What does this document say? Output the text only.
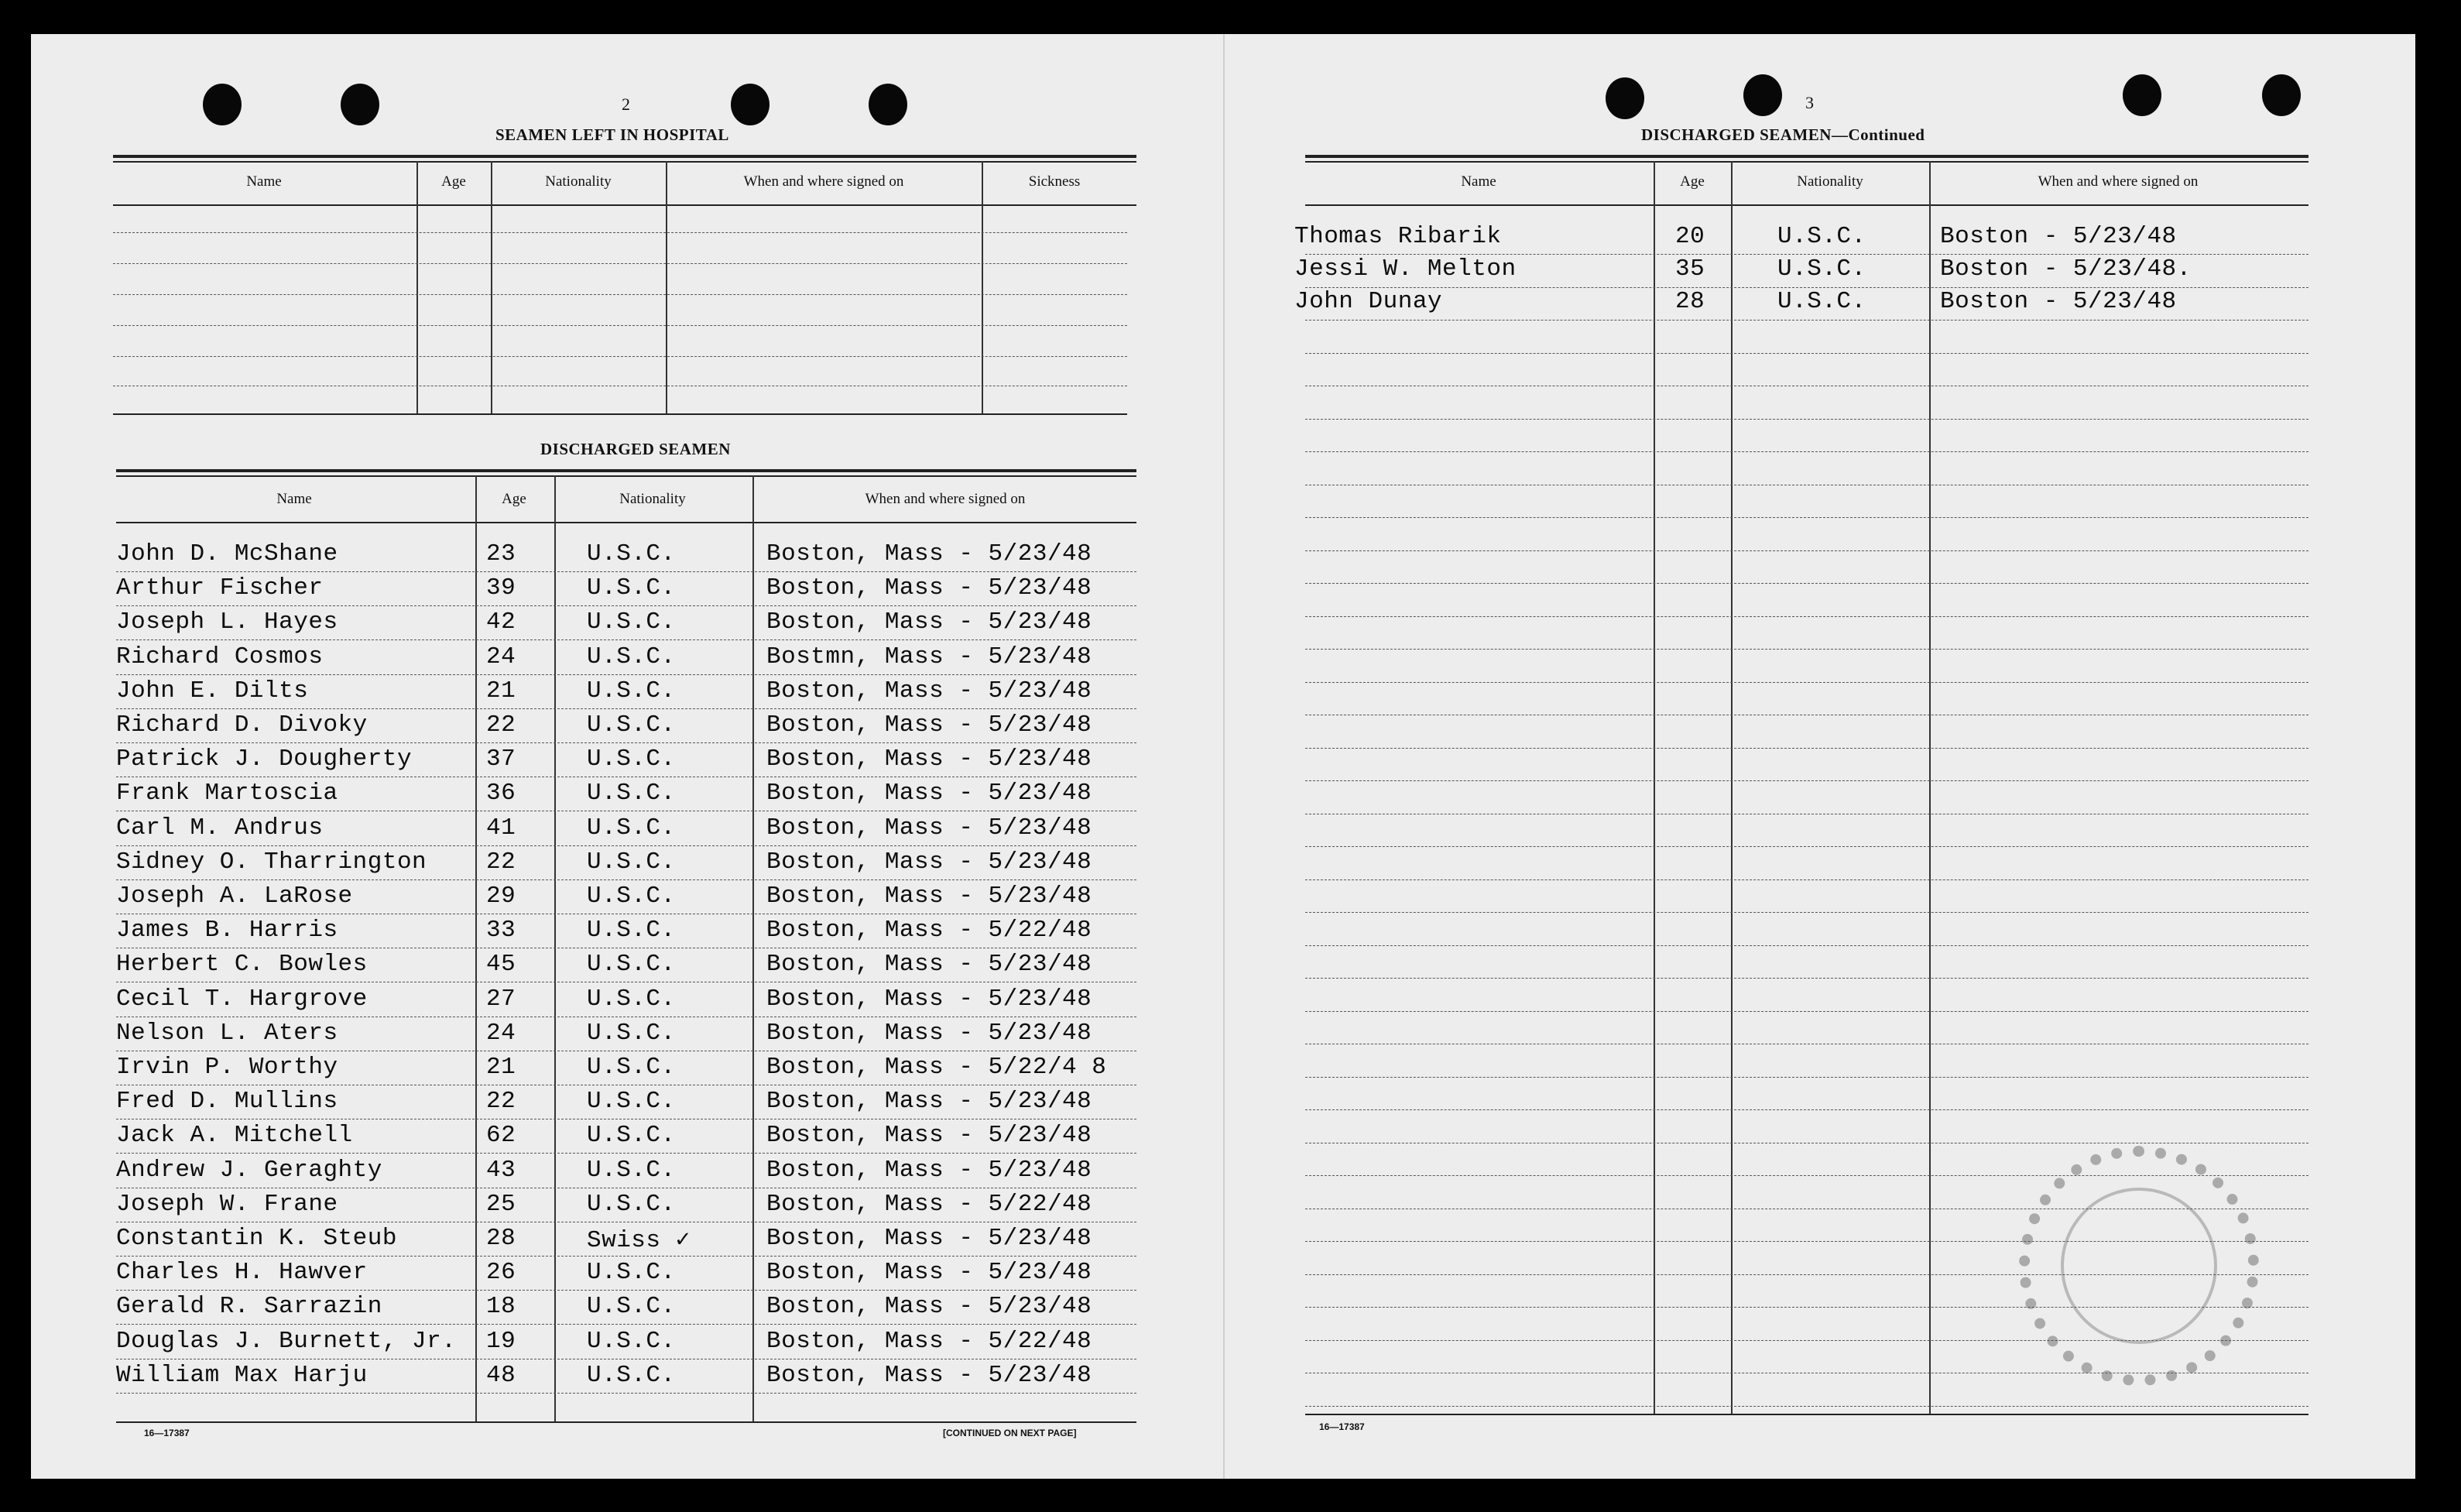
2
SEAMEN LEFT IN HOSPITAL
Name	Age	Nationality	When and where signed on	Sickness
DISCHARGED SEAMEN
Name	Age	Nationality	When and where signed on
John D. McShane	23	U.S.C.	Boston, Mass - 5/23/48
Arthur Fischer	39	U.S.C.	Boston, Mass - 5/23/48
Joseph L. Hayes	42	U.S.C.	Boston, Mass - 5/23/48
Richard Cosmos	24	U.S.C.	Bostmn, Mass - 5/23/48
John E. Dilts	21	U.S.C.	Boston, Mass - 5/23/48
Richard D. Divoky	22	U.S.C.	Boston, Mass - 5/23/48
Patrick J. Dougherty	37	U.S.C.	Boston, Mass - 5/23/48
Frank Martoscia	36	U.S.C.	Boston, Mass - 5/23/48
Carl M. Andrus	41	U.S.C.	Boston, Mass - 5/23/48
Sidney O. Tharrington 22	U.S.C.	Boston, Mass - 5/23/48
Joseph A. LaRose	29	U.S.C.	Boston, Mass - 5/23/48
James B. Harris	33	U.S.C.	Boston, Mass - 5/22/48
Herbert C. Bowles	45	U.S.C.	Boston, Mass - 5/23/48
Cecil T. Hargrove	27	U.S.C.	Boston, Mass - 5/23/48
Nelson L. Aters	24	U.S.C.	Boston, Mass - 5/23/48
Irvin P. Worthy	21	U.S.C.	Boston, Mass - 5/22/4 8
Fred D. Mullins	22	U.S.C.	Boston, Mass - 5/23/48
Jack A. Mitchell	62	U.S.C.	Boston, Mass - 5/23/48
Andrew J. Geraghty	43	U.S.C.	Boston, Mass - 5/23/48
Joseph W. Frane	25	U.S.C.	Boston, Mass - 5/22/48
Constantin K. Steub	28	Swiss ✓	Boston, Mass - 5/23/48
Charles H. Hawver	26	U.S.C.	Boston, Mass - 5/23/48
Gerald R. Sarrazin	18	U.S.C.	Boston, Mass - 5/23/48
Douglas J. Burnett, Jr. 19	U.S.C.	Boston, Mass - 5/22/48
William Max Harju	48	U.S.C.	Boston, Mass - 5/23/48
16—17387	[CONTINUED ON NEXT PAGE]
3
DISCHARGED SEAMEN—Continued
Name	Age	Nationality	When and where signed on
Thomas Ribarik	20	U.S.C.	Boston - 5/23/48
Jessi W. Melton	35	U.S.C.	Boston - 5/23/48.
John Dunay	28	U.S.C.	Boston - 5/23/48
16—17387
